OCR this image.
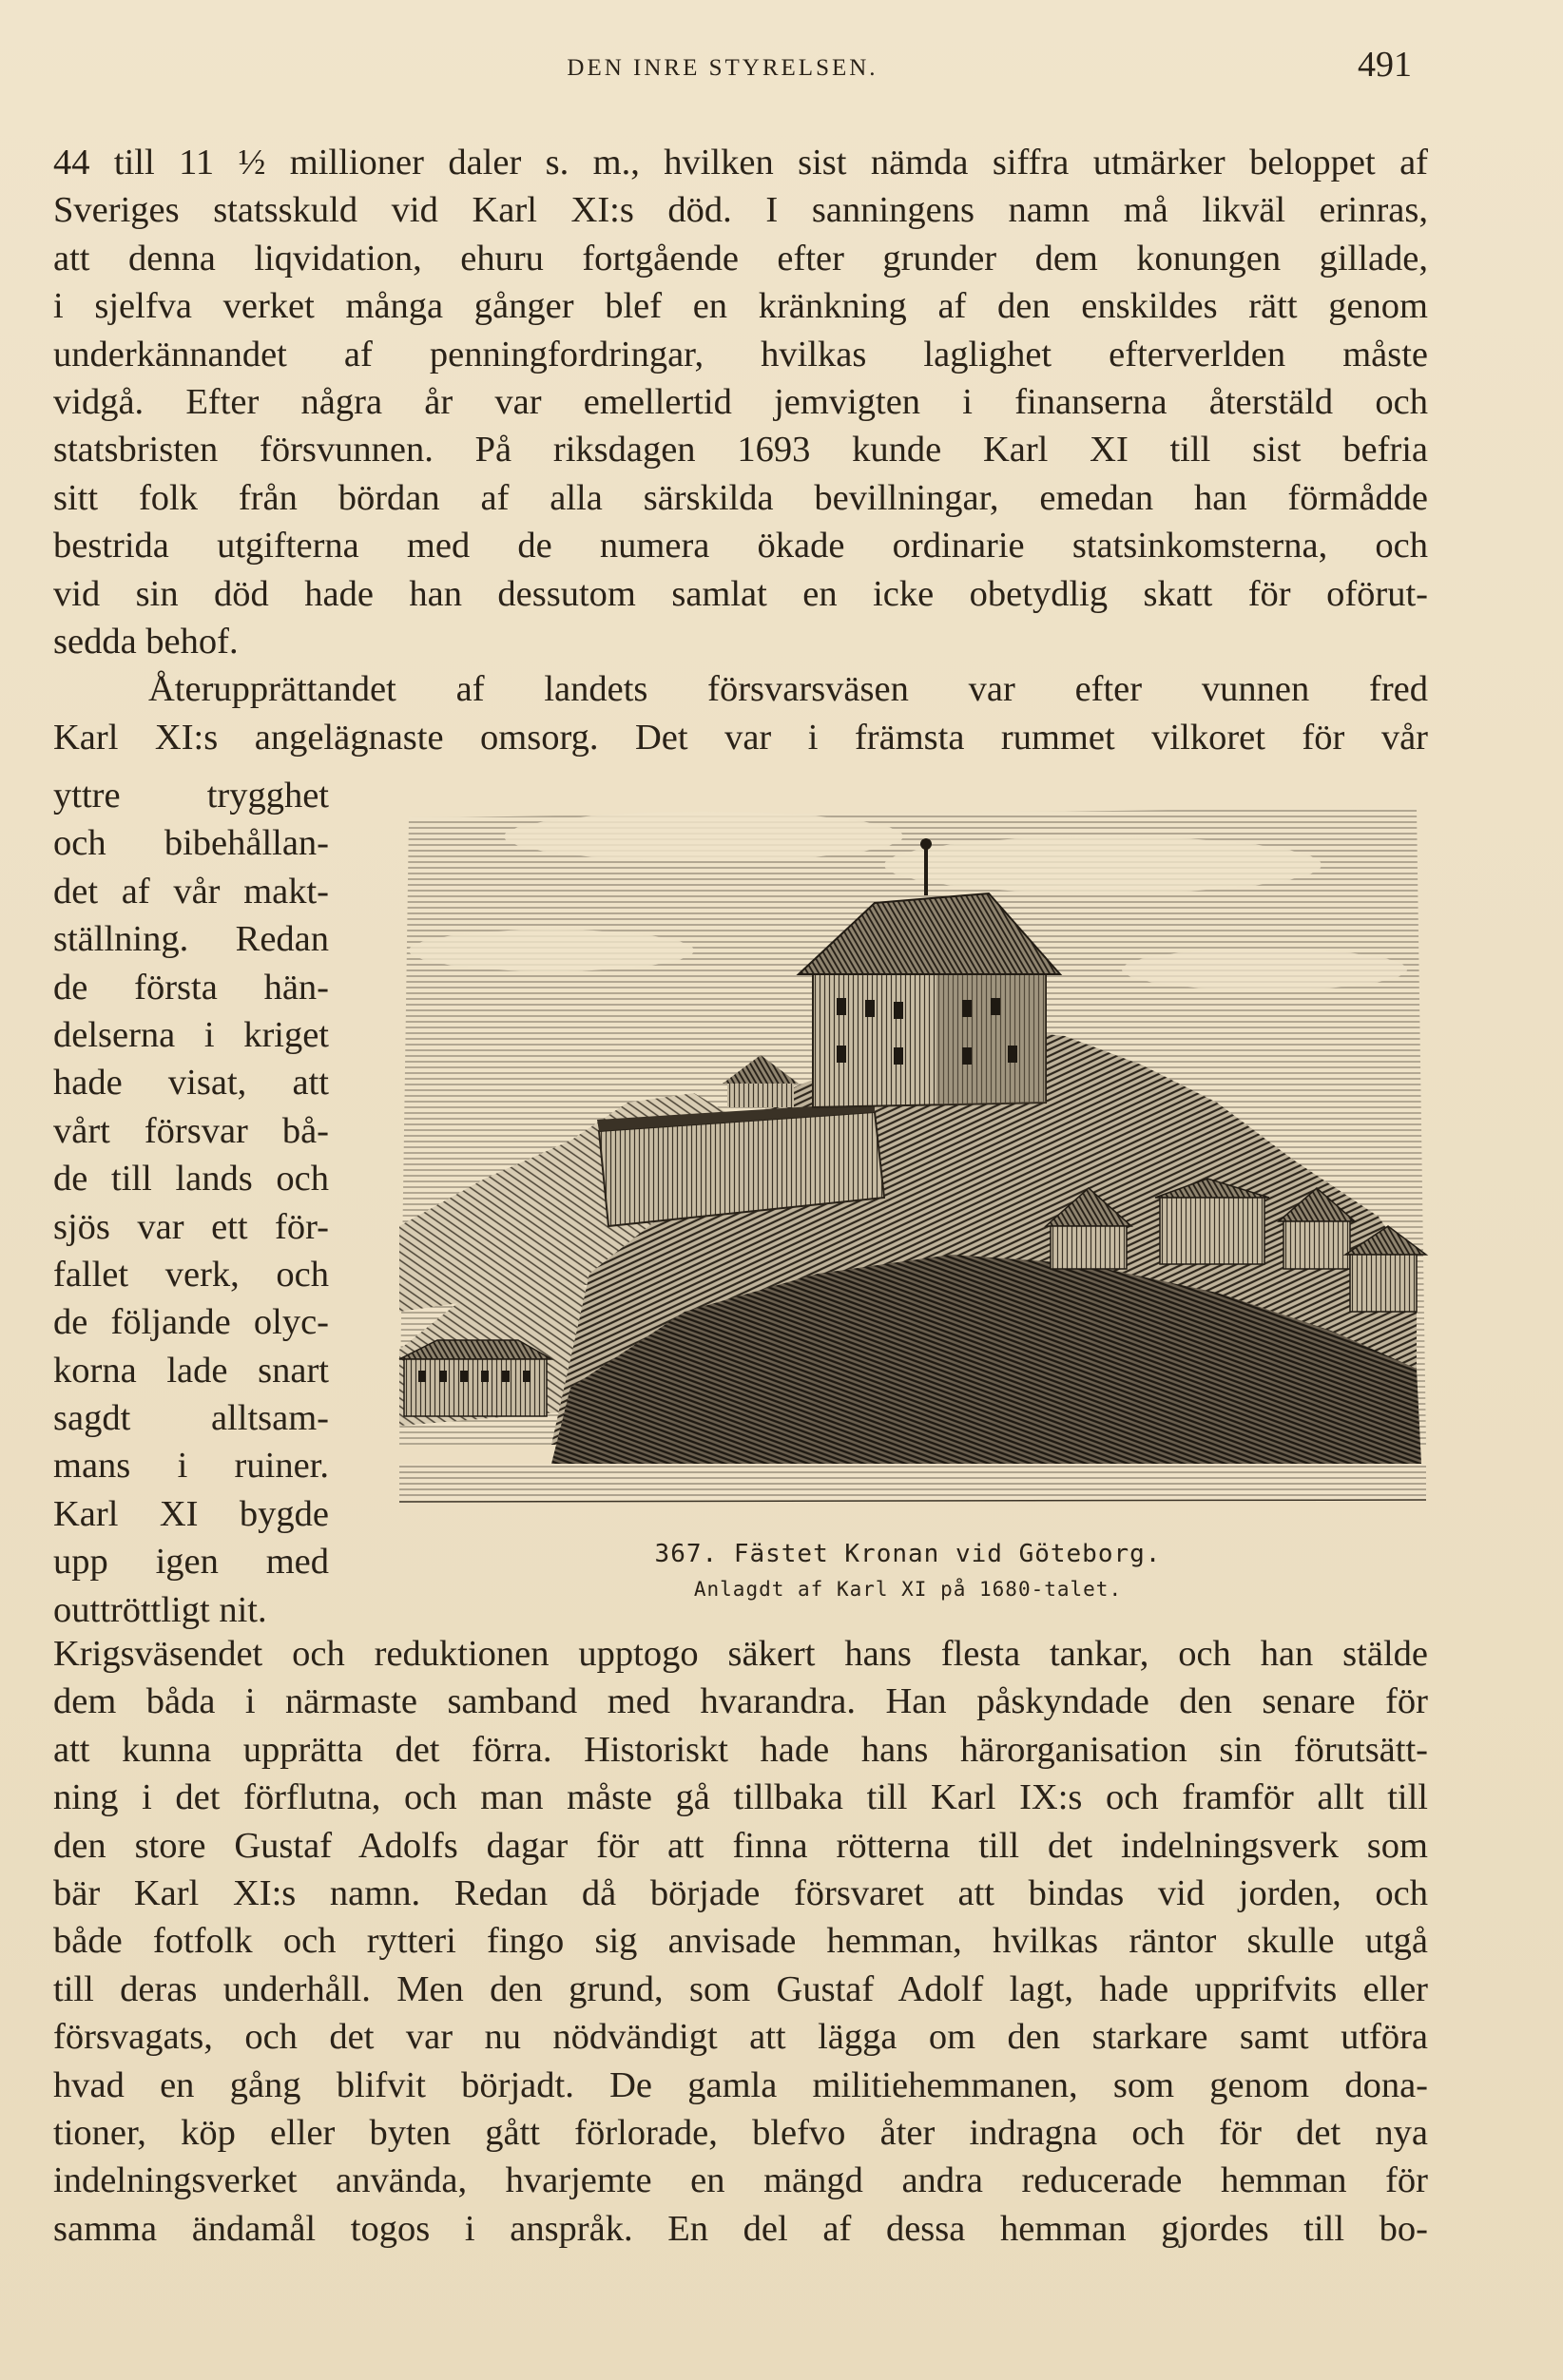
DEN INRE STYRELSEN.	491
44 till 11 ½ millioner daler s. m., hvilken sist nämda siffra utmärker beloppet af
Sveriges statsskuld vid Karl XI:s död. I sanningens namn må likväl erinras,
att denna liqvidation, ehuru fortgående efter grunder dem konungen gillade,
i sjelfva verket många gånger blef en kränkning af den enskildes rätt genom
underkännandet af penningfordringar, hvilkas laglighet efterverlden måste
vidgå. Efter några år var emellertid jemvigten i finanserna återstäld och
statsbristen försvunnen. På riksdagen 1693 kunde Karl XI till sist befria
sitt folk från bördan af alla särskilda bevillningar, emedan han förmådde
bestrida utgifterna med de numera ökade ordinarie statsinkomsterna, och
vid sin död hade han dessutom samlat en icke obetydlig skatt för oförut-
sedda behof.
Återupprättandet af landets försvarsväsen var efter vunnen fred
Karl XI:s angelägnaste omsorg. Det var i främsta rummet vilkoret för vår
yttre trygghet
och bibehållan-
det af vår makt-
ställning. Redan
de första hän-
delserna i kriget
hade visat, att
vårt försvar bå-
de till lands och
sjös var ett för-
fallet verk, och
de följande olyc-
korna lade snart
sagdt alltsam-
mans i ruiner.
Karl XI bygde
upp igen med
outtröttligt nit.
367. Fästet Kronan vid Göteborg.
Anlagdt af Karl XI på 1680-talet.
Krigsväsendet och reduktionen upptogo säkert hans flesta tankar, och han stälde
dem båda i närmaste samband med hvarandra. Han påskyndade den senare för
att kunna upprätta det förra. Historiskt hade hans härorganisation sin förutsätt-
ning i det förflutna, och man måste gå tillbaka till Karl IX:s och framför allt till
den store Gustaf Adolfs dagar för att finna rötterna till det indelningsverk som
bär Karl XI:s namn. Redan då började försvaret att bindas vid jorden, och
både fotfolk och rytteri fingo sig anvisade hemman, hvilkas räntor skulle utgå
till deras underhåll. Men den grund, som Gustaf Adolf lagt, hade upprifvits eller
försvagats, och det var nu nödvändigt att lägga om den starkare samt utföra
hvad en gång blifvit börjadt. De gamla militiehemmanen, som genom dona-
tioner, köp eller byten gått förlorade, blefvo åter indragna och för det nya
indelningsverket använda, hvarjemte en mängd andra reducerade hemman för
samma ändamål togos i anspråk. En del af dessa hemman gjordes till bo-
